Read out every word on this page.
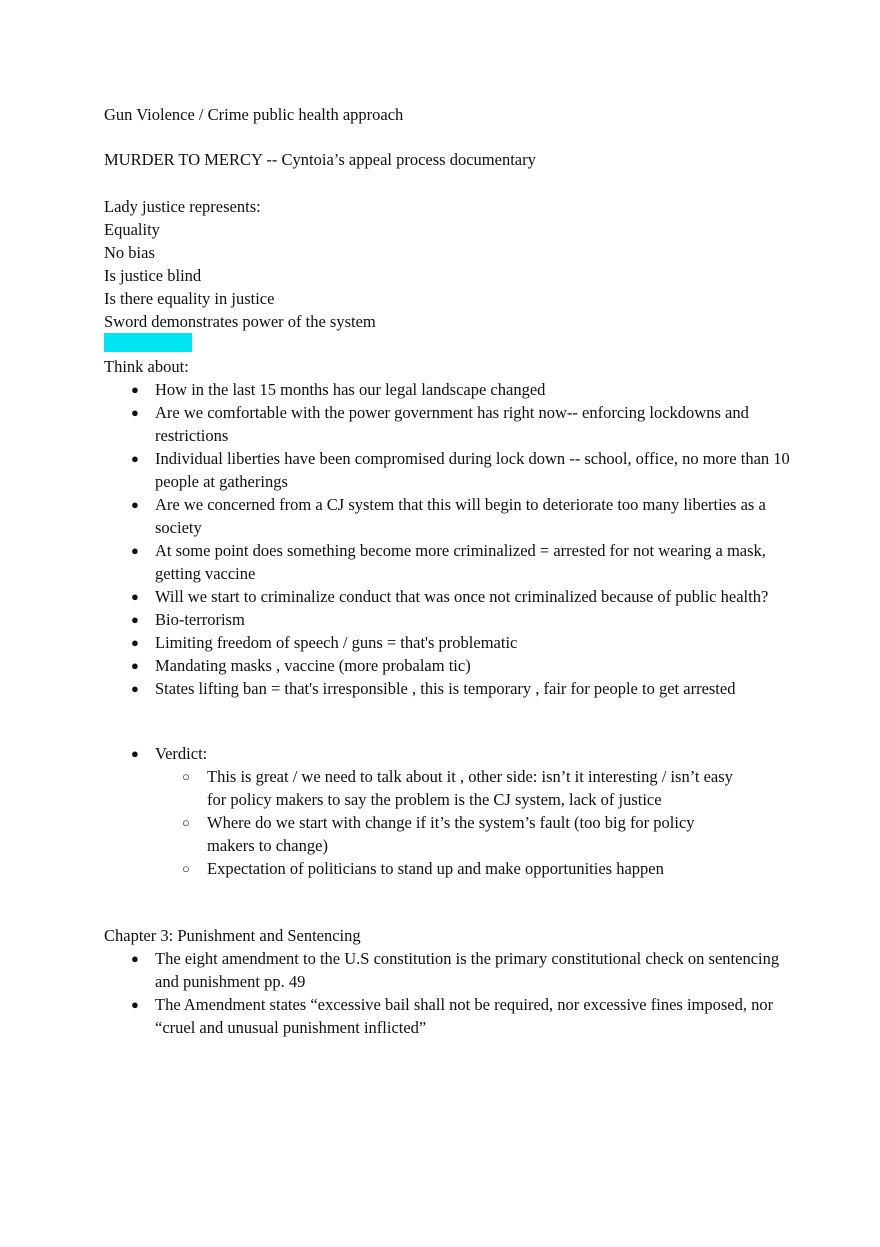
Gun Violence / Crime public health approach
MURDER TO MERCY -- Cyntoia’s appeal process documentary
Lady justice represents:
Equality
No bias
Is justice blind
Is there equality in justice
Sword demonstrates power of the system
Think about:
● How in the last 15 months has our legal landscape changed
● Are we comfortable with the power government has right now-- enforcing lockdowns and restrictions
● Individual liberties have been compromised during lock down -- school, office, no more than 10 people at gatherings
● Are we concerned from a CJ system that this will begin to deteriorate too many liberties as a society
● At some point does something become more criminalized = arrested for not wearing a mask, getting vaccine
● Will we start to criminalize conduct that was once not criminalized because of public health?
● Bio-terrorism
● Limiting freedom of speech / guns = that's problematic
● Mandating masks , vaccine (more probalam tic)
● States lifting ban = that's irresponsible , this is temporary , fair for people to get arrested
● Verdict:
○ This is great / we need to talk about it , other side: isn’t it interesting / isn’t easy for policy makers to say the problem is the CJ system, lack of justice
○ Where do we start with change if it’s the system’s fault (too big for policy makers to change)
○ Expectation of politicians to stand up and make opportunities happen
Chapter 3: Punishment and Sentencing
● The eight amendment to the U.S constitution is the primary constitutional check on sentencing and punishment pp. 49
● The Amendment states “excessive bail shall not be required, nor excessive fines imposed, nor “cruel and unusual punishment inflicted”
